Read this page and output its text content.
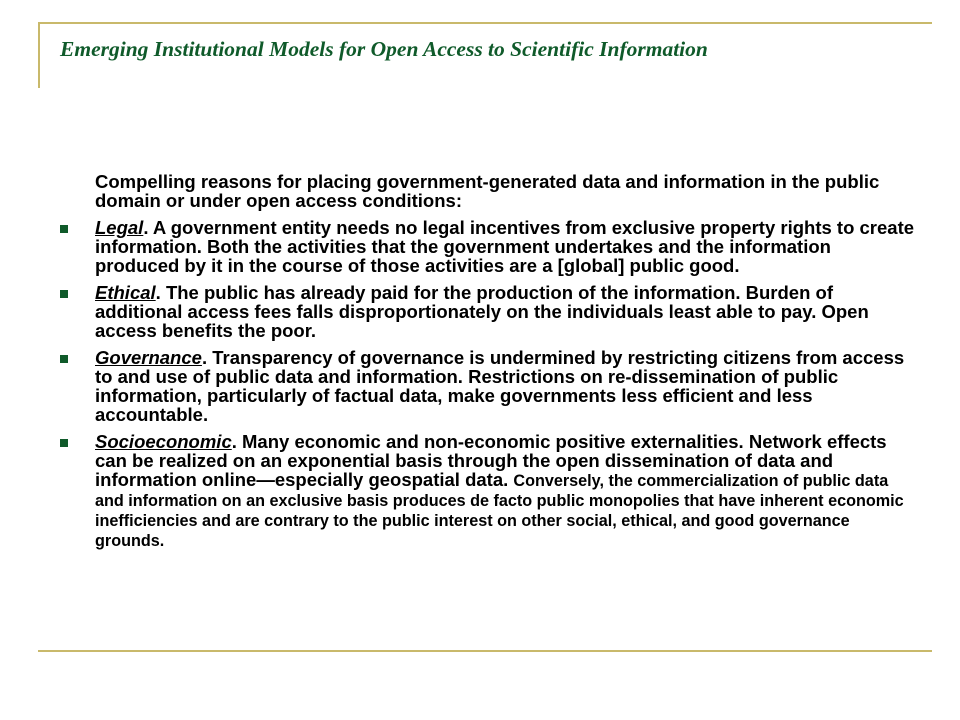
Emerging Institutional Models for Open Access to Scientific Information

Compelling reasons for placing government-generated data and information in the public domain or under open access conditions:

Legal. A government entity needs no legal incentives from exclusive property rights to create information. Both the activities that the government undertakes and the information produced by it in the course of those activities are a [global] public good.
Ethical. The public has already paid for the production of the information. Burden of additional access fees falls disproportionately on the individuals least able to pay. Open access benefits the poor.
Governance. Transparency of governance is undermined by restricting citizens from access to and use of public data and information. Restrictions on re-dissemination of public information, particularly of factual data, make governments less efficient and less accountable.
Socioeconomic. Many economic and non-economic positive externalities. Network effects can be realized on an exponential basis through the open dissemination of data and information online—especially geospatial data. Conversely, the commercialization of public data and information on an exclusive basis produces de facto public monopolies that have inherent economic inefficiencies and are contrary to the public interest on other social, ethical, and good governance grounds.
